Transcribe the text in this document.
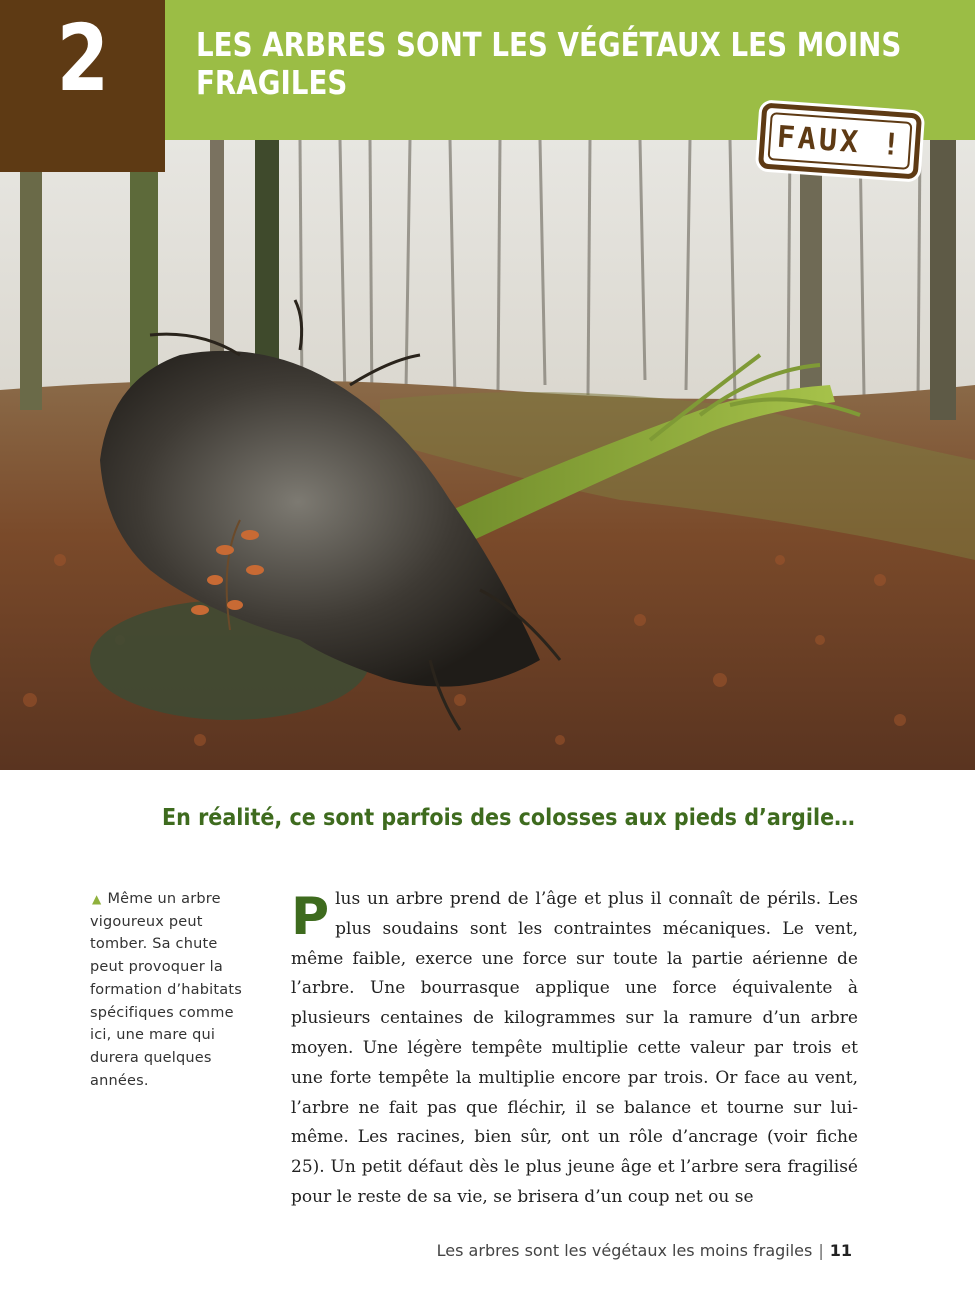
2	LES ARBRES SONT LES VÉGÉTAUX LES MOINS FRAGILES
FAUX !
En réalité, ce sont parfois des colosses aux pieds d’argile…
▲ Même un arbre vigoureux peut tomber. Sa chute peut provoquer la formation d’habitats spécifiques comme ici, une mare qui durera quelques années.
Plus un arbre prend de l’âge et plus il connaît de périls. Les plus soudains sont les contraintes mécaniques. Le vent, même faible, exerce une force sur toute la partie aérienne de l’arbre. Une bourrasque applique une force équivalente à plusieurs centaines de kilogrammes sur la ramure d’un arbre moyen. Une légère tempête multiplie cette valeur par trois et une forte tempête la multiplie encore par trois. Or face au vent, l’arbre ne fait pas que fléchir, il se balance et tourne sur lui-même. Les racines, bien sûr, ont un rôle d’ancrage (voir fiche 25). Un petit défaut dès le plus jeune âge et l’arbre sera fragilisé pour le reste de sa vie, se brisera d’un coup net ou se
Les arbres sont les végétaux les moins fragiles | 11
